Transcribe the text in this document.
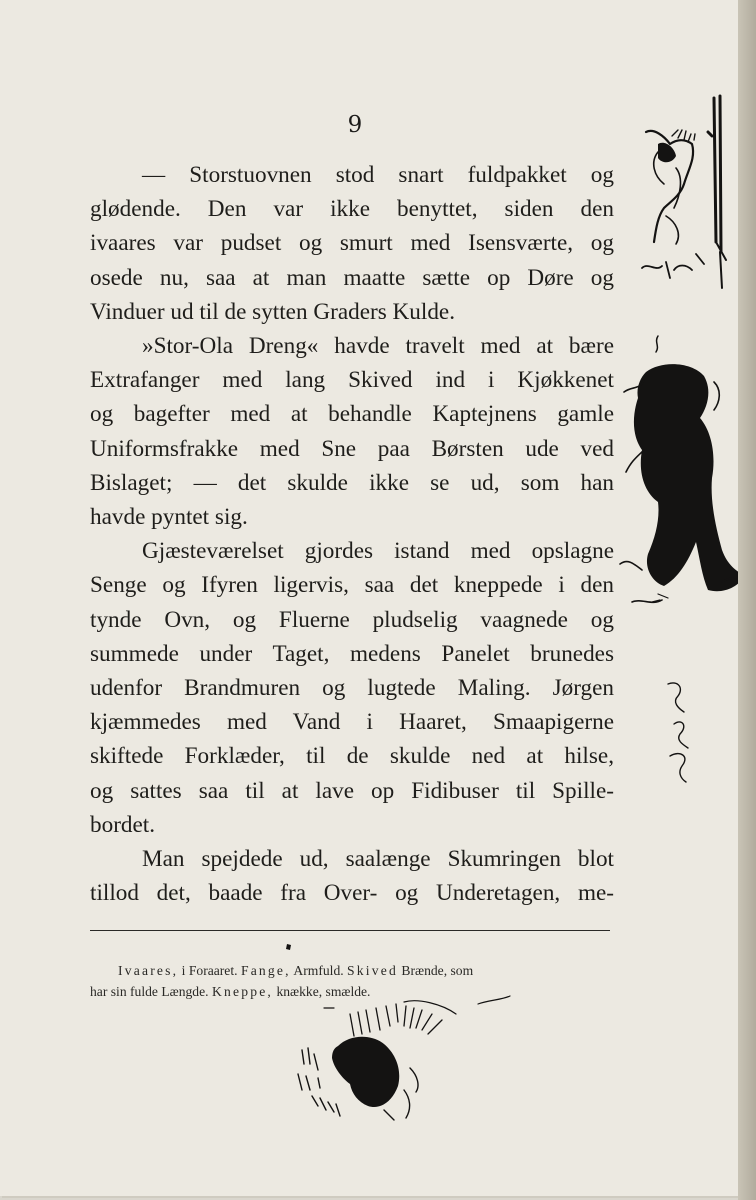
9

— Storstuovnen stod snart fuldpakket og

glødende. Den var ikke benyttet, siden den

ivaares var pudset og smurt med Isensværte, og

osede nu, saa at man maatte sætte op Døre og

Vinduer ud til de sytten Graders Kulde.

»Stor-Ola Dreng« havde travelt med at bære

Extrafanger med lang Skived ind i Kjøkkenet

og bagefter med at behandle Kaptejnens gamle

Uniformsfrakke med Sne paa Børsten ude ved

Bislaget; — det skulde ikke se ud, som han

havde pyntet sig.

Gjæsteværelset gjordes istand med opslagne

Senge og Ifyren ligervis, saa det kneppede i den

tynde Ovn, og Fluerne pludselig vaagnede og

summede under Taget, medens Panelet brunedes

udenfor Brandmuren og lugtede Maling. Jørgen

kjæmmedes med Vand i Haaret, Smaapigerne

skiftede Forklæder, til de skulde ned at hilse,

og sattes saa til at lave op Fidibuser til Spille-

bordet.

Man spejdede ud, saalænge Skumringen blot

tillod det, baade fra Over- og Underetagen, me-

Ivaares, i Foraaret. Fange, Armfuld. Skived Brænde, som
har sin fulde Længde. Kneppe, knække, smælde.
